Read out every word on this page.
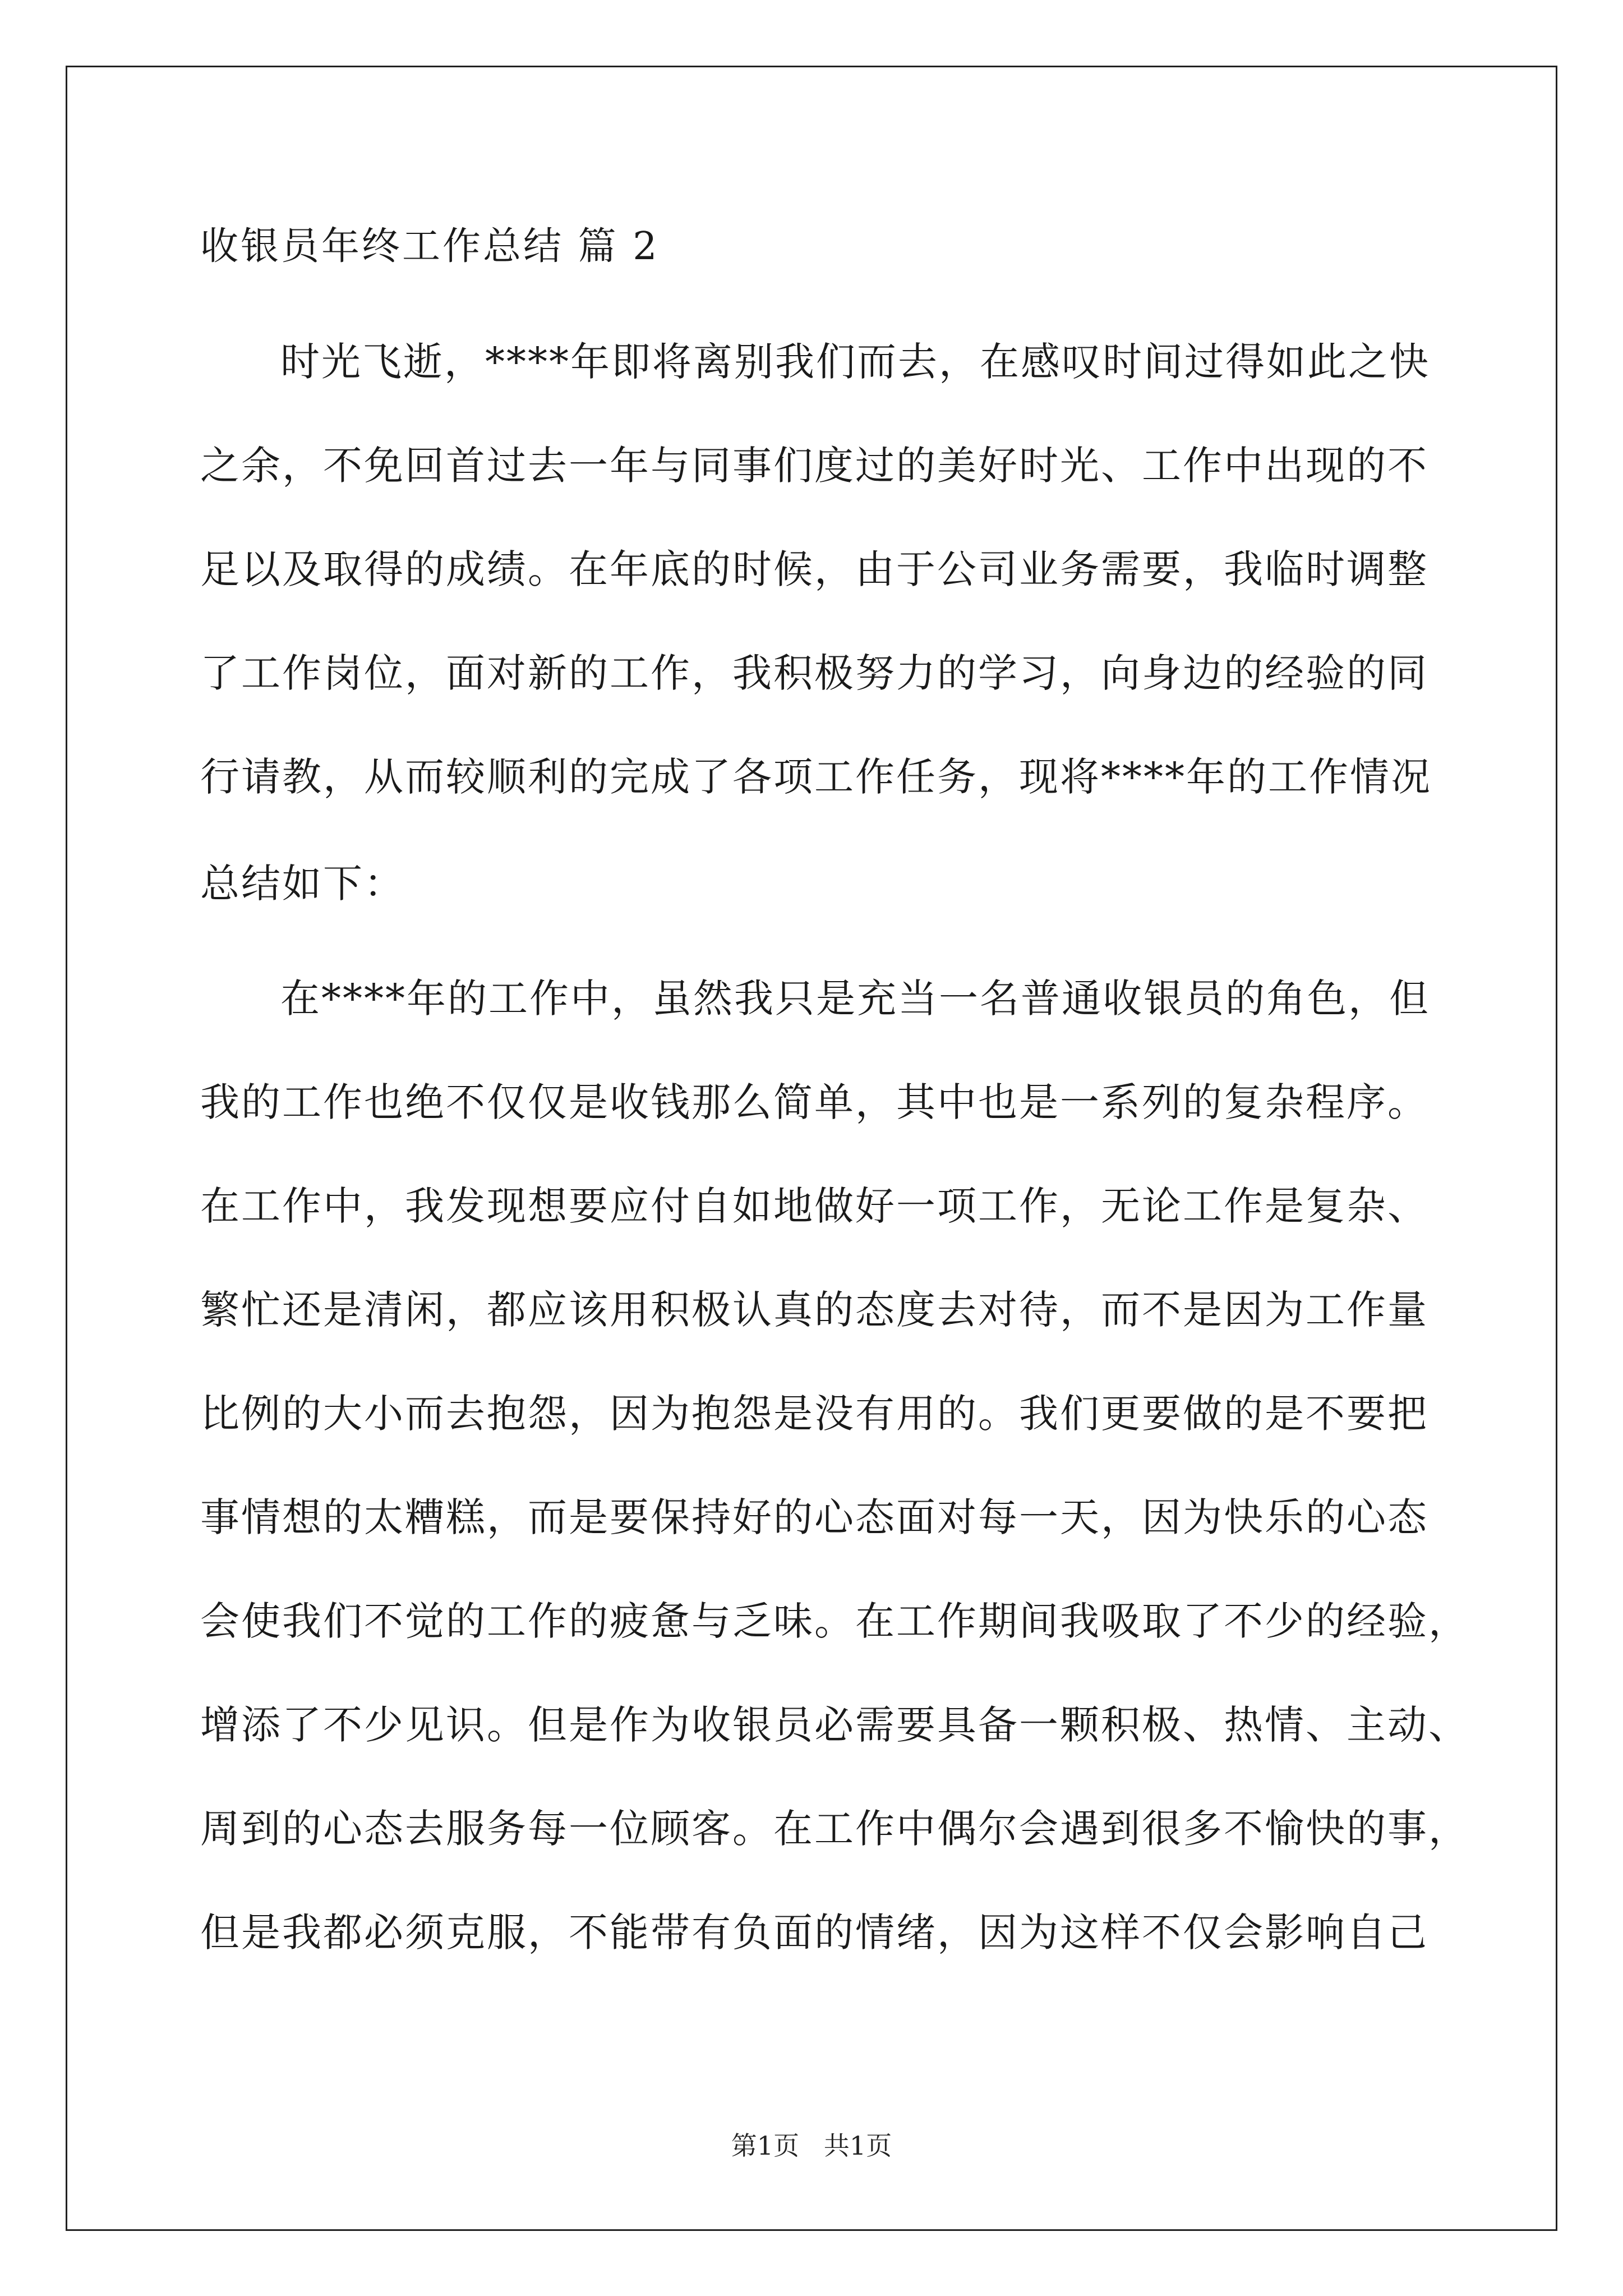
收银员年终工作总结 篇 2
时光飞逝，****年即将离别我们而去，在感叹时间过得如此之快
之余，不免回首过去一年与同事们度过的美好时光、工作中出现的不
足以及取得的成绩。在年底的时候，由于公司业务需要，我临时调整
了工作岗位，面对新的工作，我积极努力的学习，向身边的经验的同
行请教，从而较顺利的完成了各项工作任务，现将****年的工作情况
总结如下：
在****年的工作中，虽然我只是充当一名普通收银员的角色，但
我的工作也绝不仅仅是收钱那么简单，其中也是一系列的复杂程序。
在工作中，我发现想要应付自如地做好一项工作，无论工作是复杂、
繁忙还是清闲，都应该用积极认真的态度去对待，而不是因为工作量
比例的大小而去抱怨，因为抱怨是没有用的。我们更要做的是不要把
事情想的太糟糕，而是要保持好的心态面对每一天，因为快乐的心态
会使我们不觉的工作的疲惫与乏味。在工作期间我吸取了不少的经验，
增添了不少见识。但是作为收银员必需要具备一颗积极、热情、主动、
周到的心态去服务每一位顾客。在工作中偶尔会遇到很多不愉快的事，
但是我都必须克服，不能带有负面的情绪，因为这样不仅会影响自己
第1页   共1页
